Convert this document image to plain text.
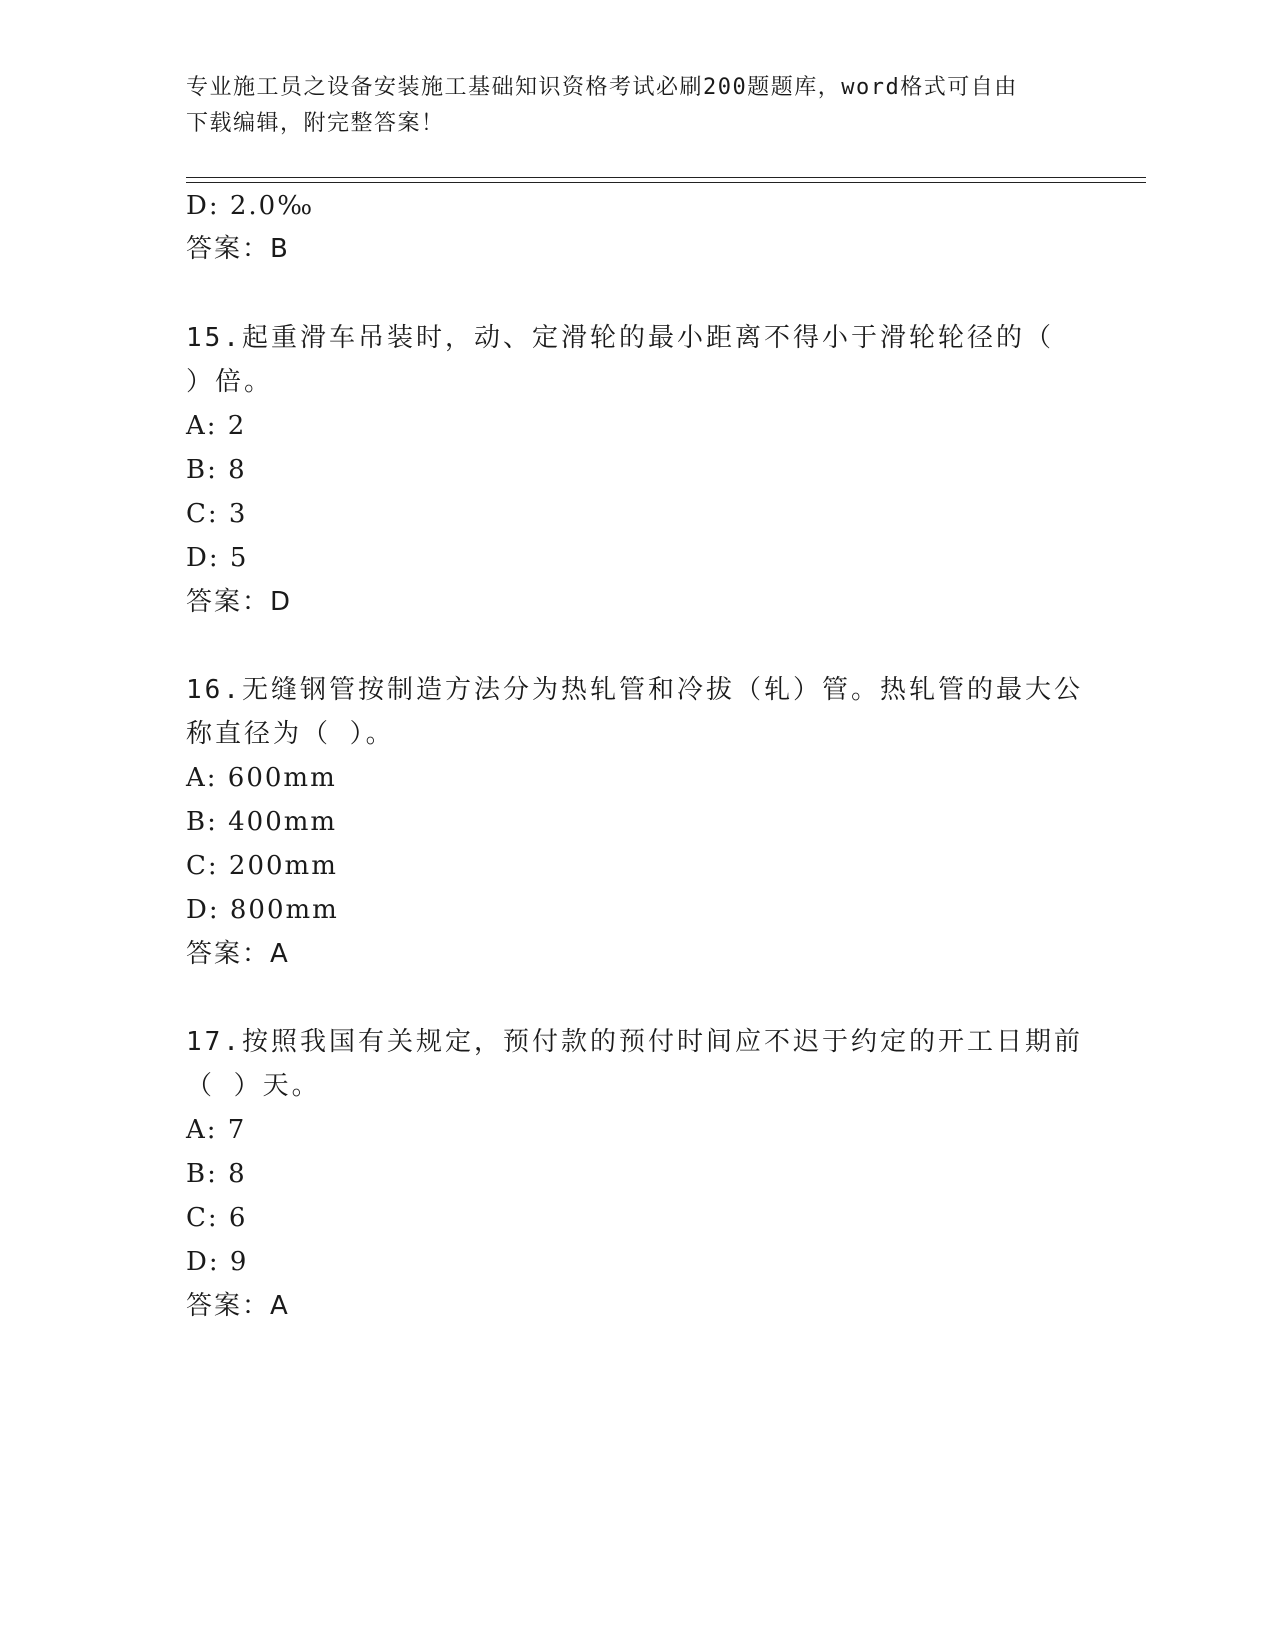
专业施工员之设备安装施工基础知识资格考试必刷200题题库，word格式可自由
下载编辑，附完整答案！
D: 2.0‰
答案：B
15.起重滑车吊装时，动、定滑轮的最小距离不得小于滑轮轮径的（
）倍。
A: 2
B: 8
C: 3
D: 5
答案：D
16.无缝钢管按制造方法分为热轧管和冷拔（轧）管。热轧管的最大公
称直径为（ ）。
A: 600mm
B: 400mm
C: 200mm
D: 800mm
答案：A
17.按照我国有关规定，预付款的预付时间应不迟于约定的开工日期前
（ ）天。
A: 7
B: 8
C: 6
D: 9
答案：A
